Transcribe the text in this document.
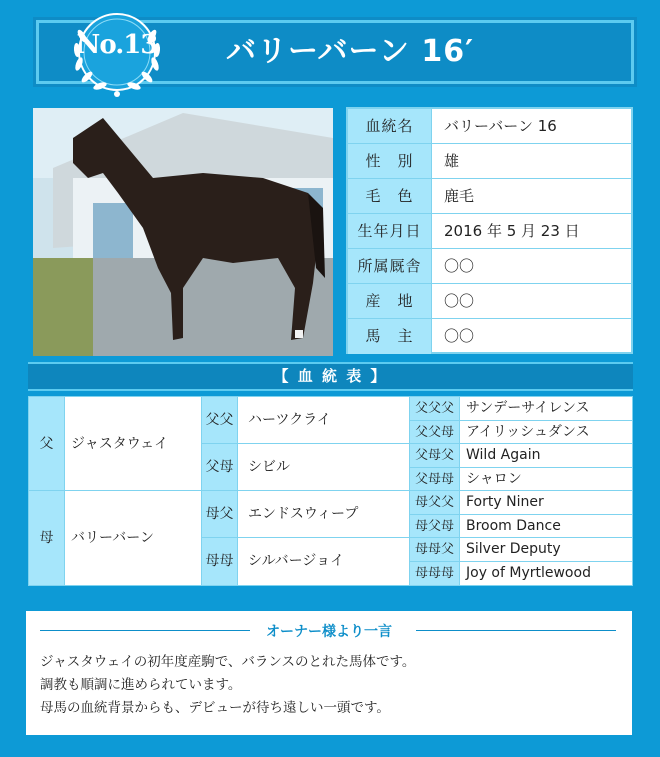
バリーバーン 16′
No.13
血統名	バリーバーン 16
性　別	雄
毛　色	鹿毛
生年月日	2016 年 5 月 23 日
所属厩舎	〇〇
産　地	〇〇
馬　主	〇〇
【 血 統 表 】
父	ジャスタウェイ
母	バリーバーン
父父	ハーツクライ
父母	シビル
母父	エンドスウィープ
母母	シルバージョイ
父父父 サンデーサイレンス
父父母 アイリッシュダンス
父母父 Wild Again
父母母 シャロン
母父父 Forty Niner
母父母 Broom Dance
母母父 Silver Deputy
母母母 Joy of Myrtlewood
オーナー様より一言
ジャスタウェイの初年度産駒で、バランスのとれた馬体です。
調教も順調に進められています。
母馬の血統背景からも、デビューが待ち遠しい一頭です。
